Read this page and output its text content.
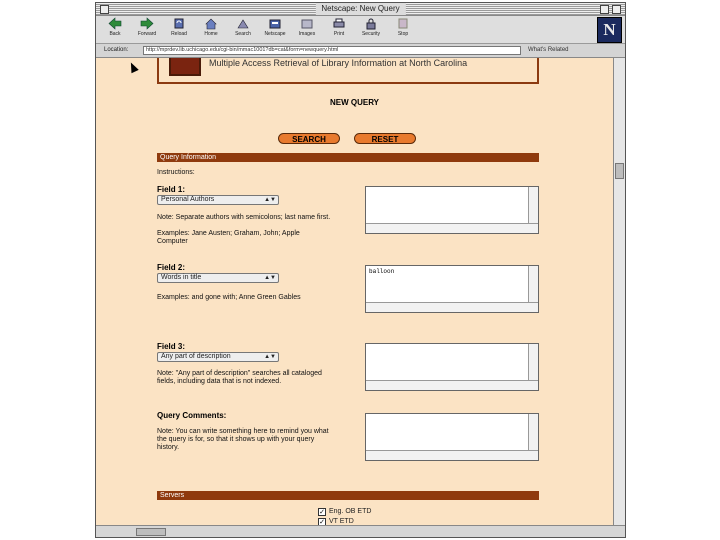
Netscape: New Query
Back	Forward	Reload	Home	Search	Netscape	Images	Print	Security	Stop	N
Location:	http://mprdev.lib.uchicago.edu/cgi-bin/mmac1001?db=cat&form=newquery.html	What's Related
Multiple Access Retrieval of Library Information at North Carolina
NEW QUERY
SEARCH	RESET
Query Information
Instructions:
Field 1:
Personal Authors	▲▼
Note: Separate authors with semicolons; last name first.
Examples: Jane Austen; Graham, John; Apple Computer
Field 2:
Words in title	▲▼
Examples: and gone with; Anne Green Gables
balloon
Field 3:
Any part of description	▲▼
Note: "Any part of description" searches all cataloged fields, including data that is not indexed.
Query Comments:
Note: You can write something here to remind you what the query is for, so that it shows up with your query history.
Servers
✓ Eng. OB ETD
✓ VT ETD
